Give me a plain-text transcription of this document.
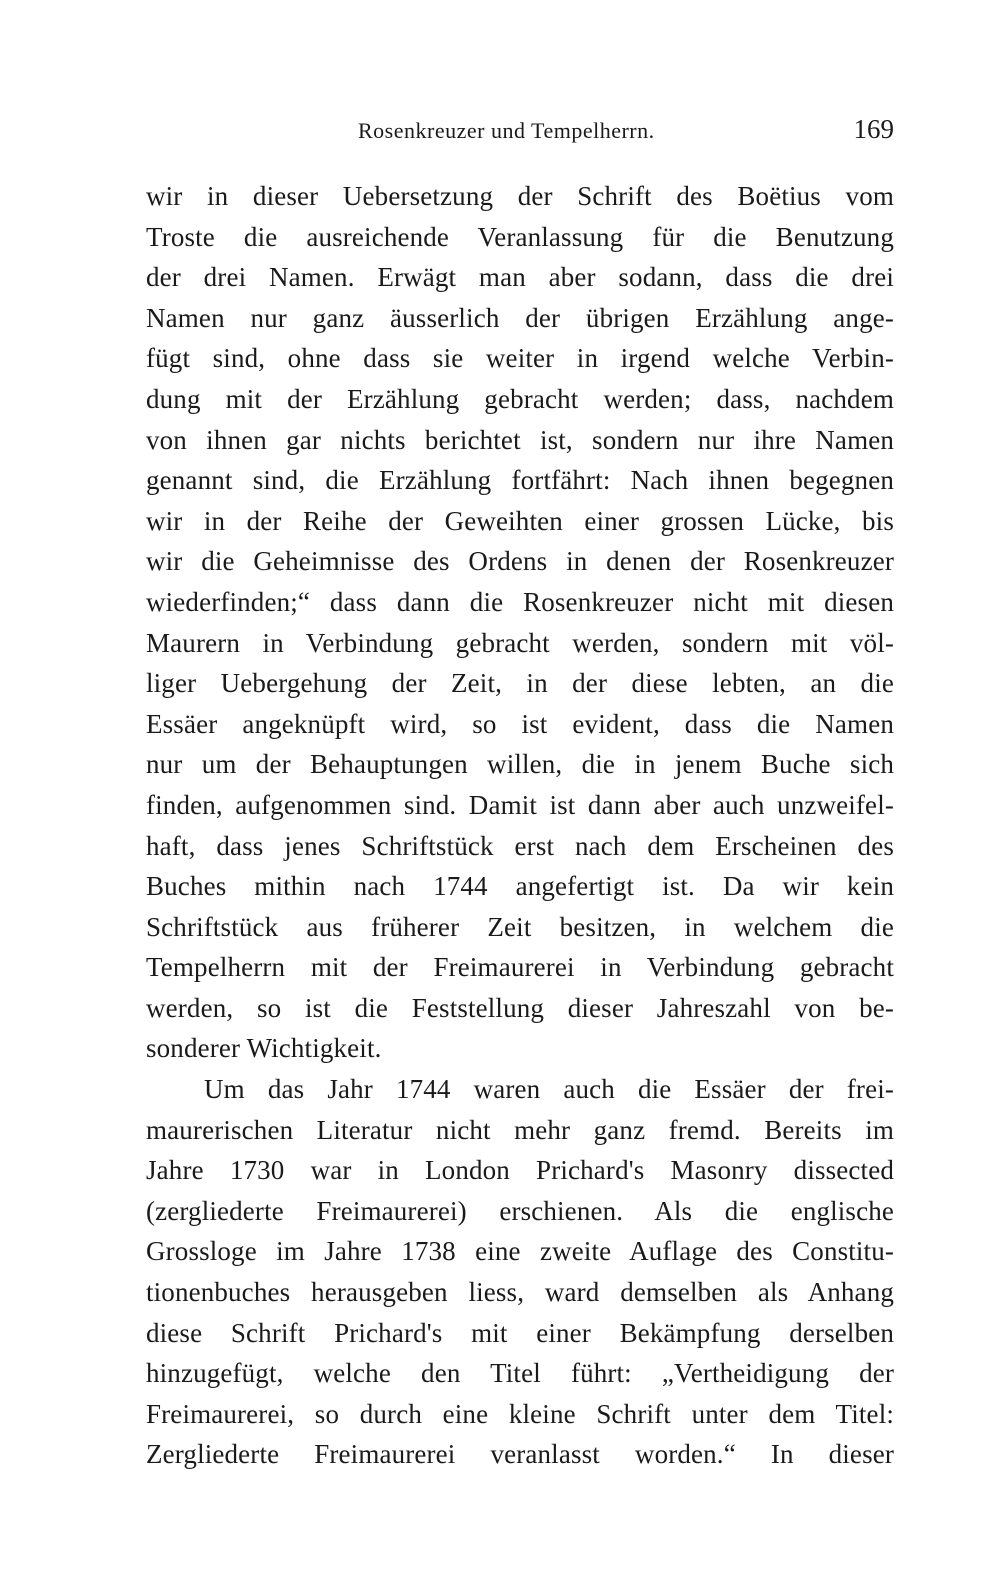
Rosenkreuzer und Tempelherrn.	169
wir in dieser Uebersetzung der Schrift des Boëtius vom
Troste die ausreichende Veranlassung für die Benutzung
der drei Namen. Erwägt man aber sodann, dass die drei
Namen nur ganz äusserlich der übrigen Erzählung ange-
fügt sind, ohne dass sie weiter in irgend welche Verbin-
dung mit der Erzählung gebracht werden; dass, nachdem
von ihnen gar nichts berichtet ist, sondern nur ihre Namen
genannt sind, die Erzählung fortfährt: Nach ihnen begegnen
wir in der Reihe der Geweihten einer grossen Lücke, bis
wir die Geheimnisse des Ordens in denen der Rosenkreuzer
wiederfinden;“ dass dann die Rosenkreuzer nicht mit diesen
Maurern in Verbindung gebracht werden, sondern mit völ-
liger Uebergehung der Zeit, in der diese lebten, an die
Essäer angeknüpft wird, so ist evident, dass die Namen
nur um der Behauptungen willen, die in jenem Buche sich
finden, aufgenommen sind. Damit ist dann aber auch unzweifel-
haft, dass jenes Schriftstück erst nach dem Erscheinen des
Buches mithin nach 1744 angefertigt ist. Da wir kein
Schriftstück aus früherer Zeit besitzen, in welchem die
Tempelherrn mit der Freimaurerei in Verbindung gebracht
werden, so ist die Feststellung dieser Jahreszahl von be-
sonderer Wichtigkeit.
Um das Jahr 1744 waren auch die Essäer der frei-
maurerischen Literatur nicht mehr ganz fremd. Bereits im
Jahre 1730 war in London Prichard's Masonry dissected
(zergliederte Freimaurerei) erschienen. Als die englische
Grossloge im Jahre 1738 eine zweite Auflage des Constitu-
tionenbuches herausgeben liess, ward demselben als Anhang
diese Schrift Prichard's mit einer Bekämpfung derselben
hinzugefügt, welche den Titel führt: „Vertheidigung der
Freimaurerei, so durch eine kleine Schrift unter dem Titel:
Zergliederte Freimaurerei veranlasst worden.“ In dieser
